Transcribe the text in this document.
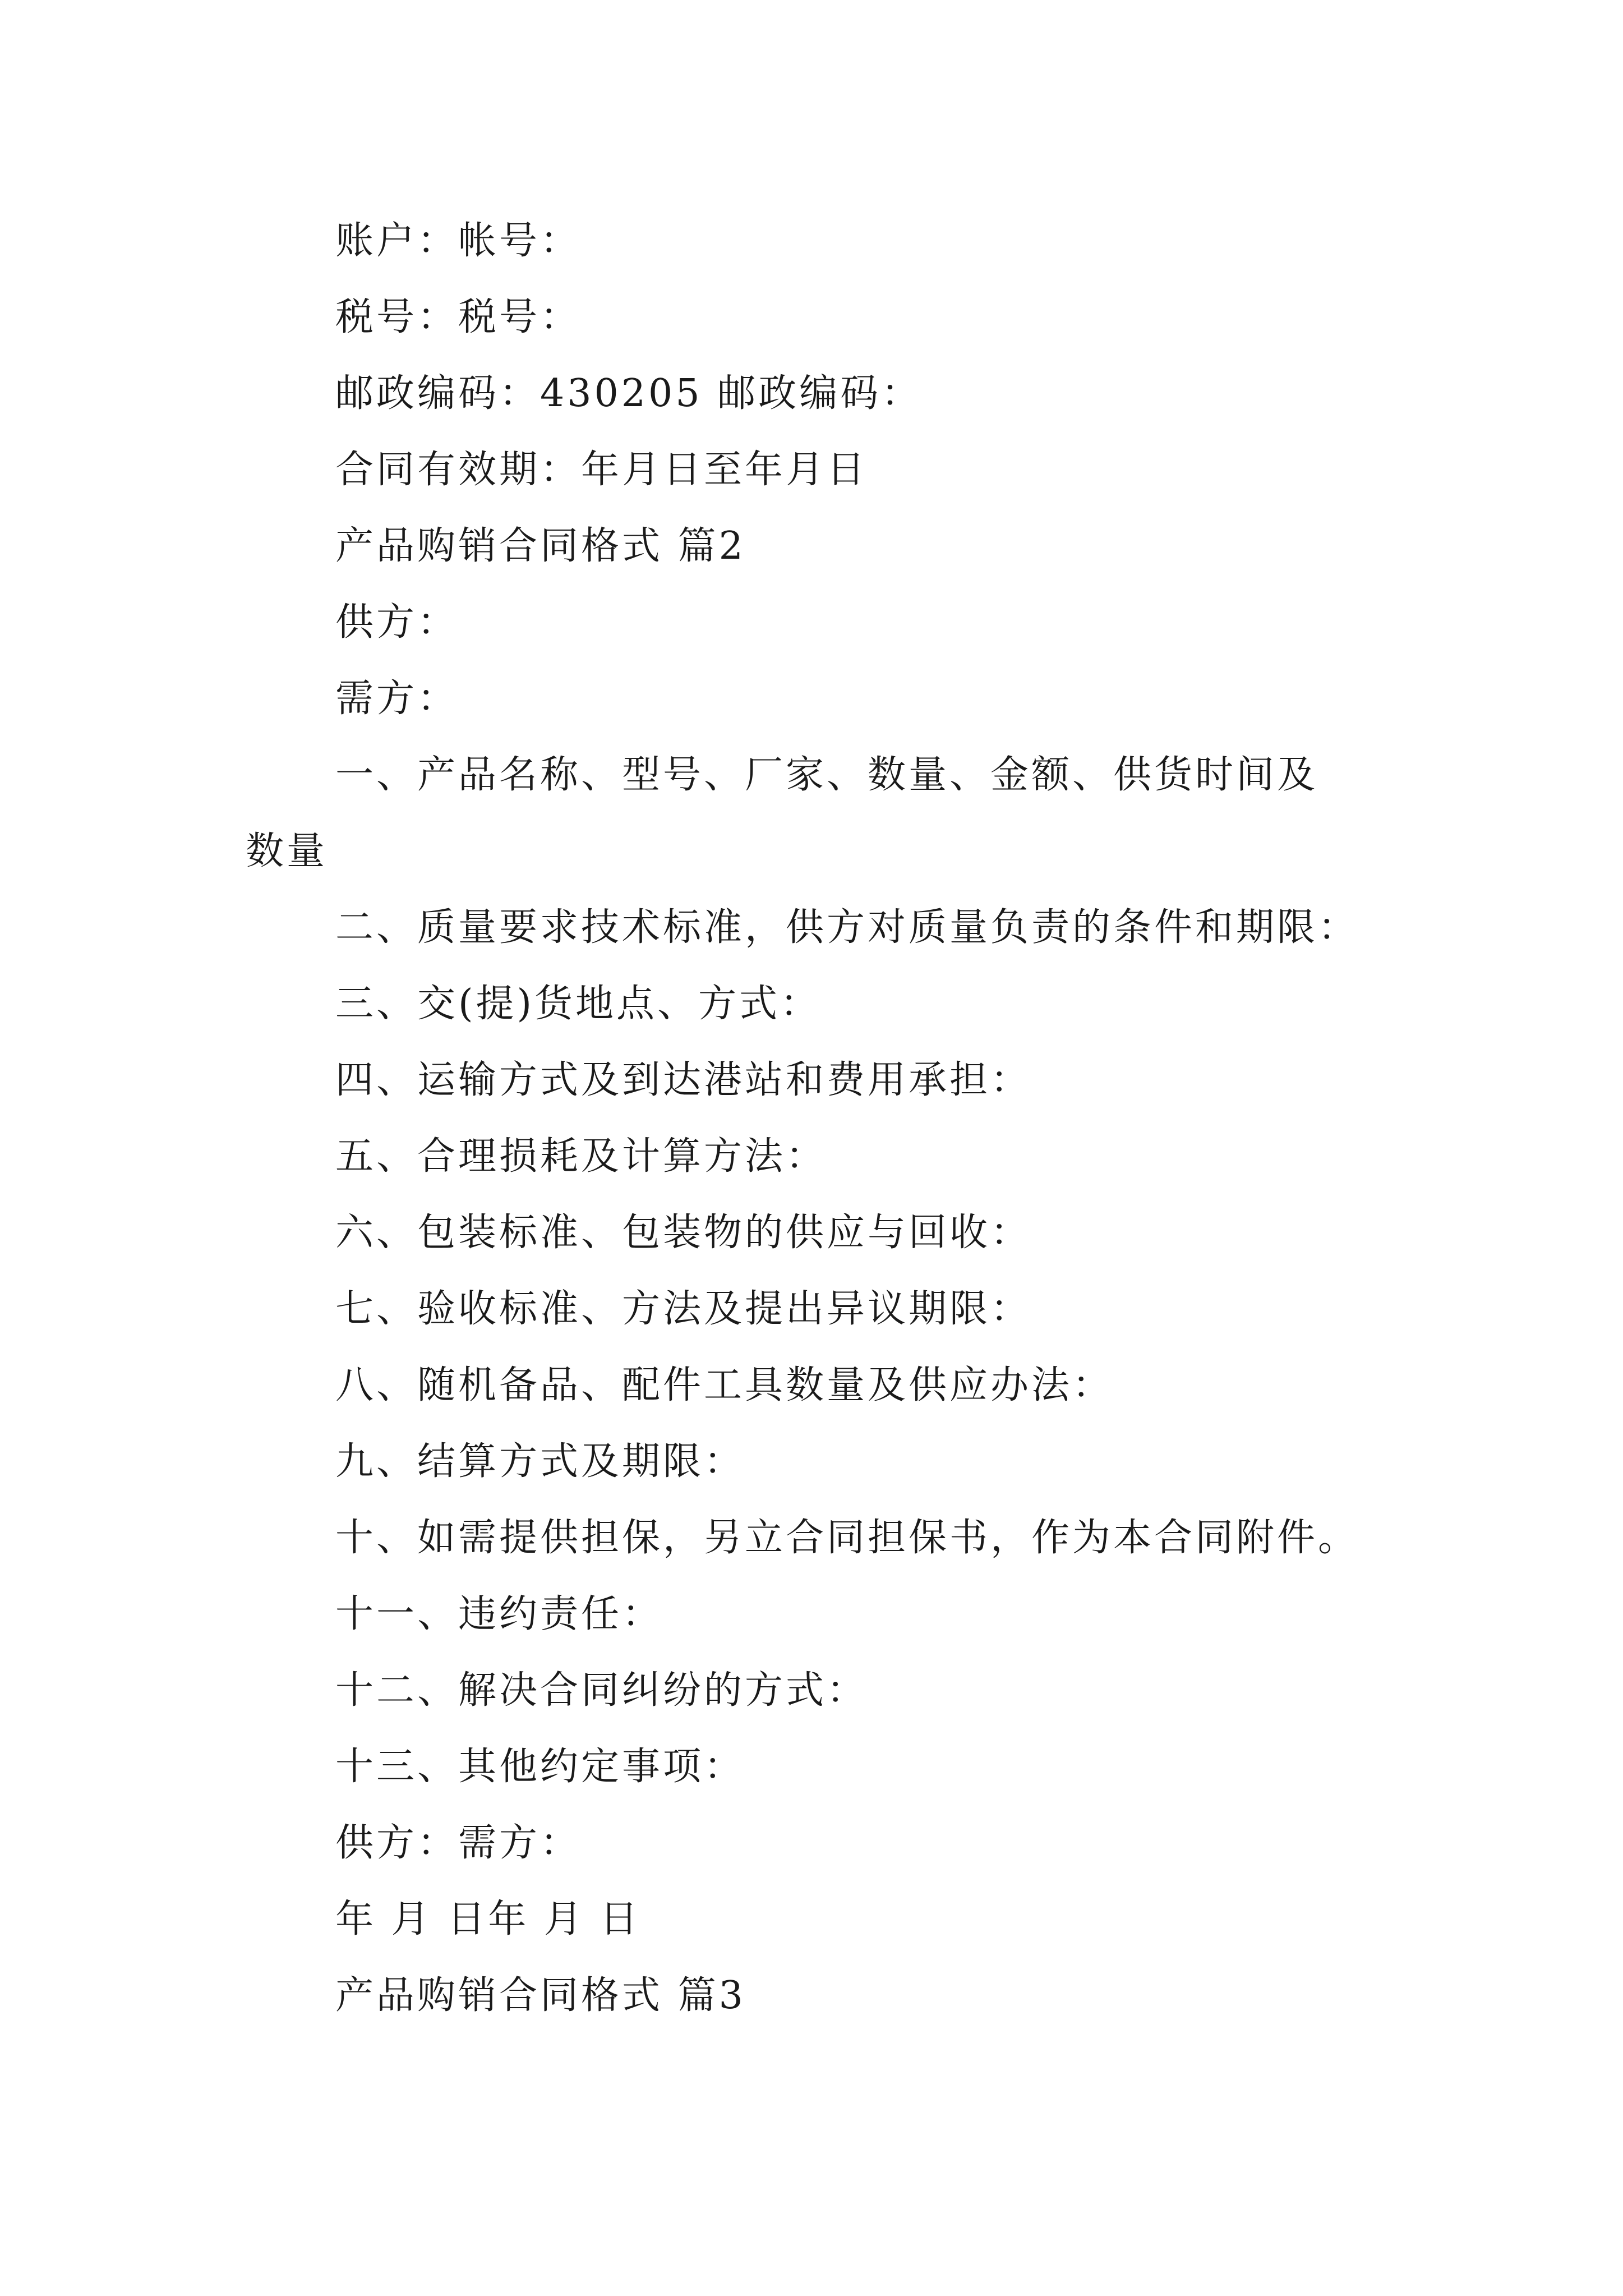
账户：帐号：

税号：税号：

邮政编码：430205 邮政编码：

合同有效期：年月日至年月日

产品购销合同格式 篇2

供方：

需方：

一、产品名称、型号、厂家、数量、金额、供货时间及

数量

二、质量要求技术标准，供方对质量负责的条件和期限：

三、交(提)货地点、方式：

四、运输方式及到达港站和费用承担：

五、合理损耗及计算方法：

六、包装标准、包装物的供应与回收：

七、验收标准、方法及提出异议期限：

八、随机备品、配件工具数量及供应办法：

九、结算方式及期限：

十、如需提供担保，另立合同担保书，作为本合同附件。

十一、违约责任：

十二、解决合同纠纷的方式：

十三、其他约定事项：

供方：需方：

年 月 日年 月 日

产品购销合同格式 篇3
